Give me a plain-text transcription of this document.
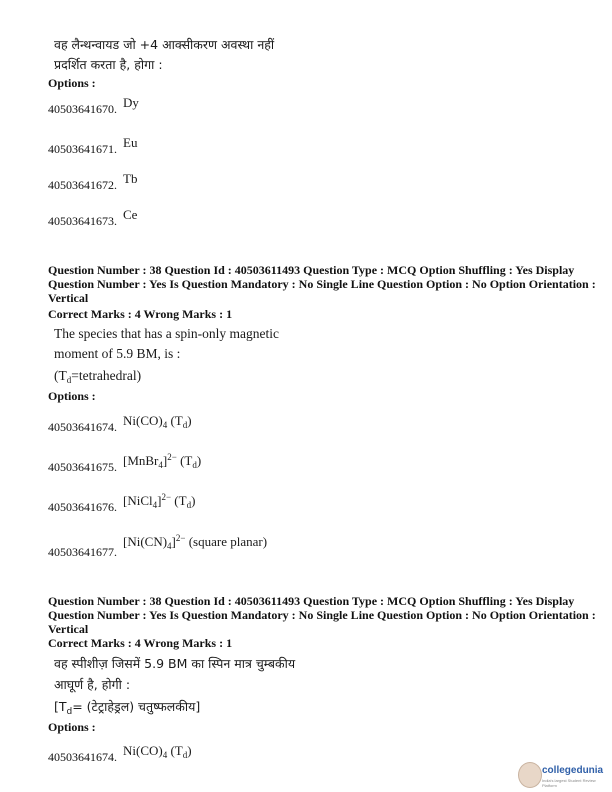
वह लैन्थन्वायड जो +4 आक्सीकरण अवस्था नहीं
प्रदर्शित करता है, होगा :
Options :
40503641670. $^{Dy}$
40503641671. $^{Eu}$
40503641672. $^{Tb}$
40503641673. $^{Ce}$
Question Number : 38 Question Id : 40503611493 Question Type : MCQ Option Shuffling : Yes Display Question Number : Yes Is Question Mandatory : No Single Line Question Option : No Option Orientation : Vertical
Correct Marks : 4 Wrong Marks : 1
The species that has a spin-only magnetic
moment of 5.9 BM, is :
$(T_d=tetrahedral)$
Options :
40503641674. $^{Ni(CO)_4 (T_d)}$
40503641675. $^{[MnBr_4]^{2-} (T_d)}$
40503641676. $^{[NiCl_4]^{2-} (T_d)}$
40503641677. $^{[Ni(CN)_4]^{2-} (square planar)}$
Question Number : 38 Question Id : 40503611493 Question Type : MCQ Option Shuffling : Yes Display Question Number : Yes Is Question Mandatory : No Single Line Question Option : No Option Orientation : Vertical
Correct Marks : 4 Wrong Marks : 1
वह स्पीशीज़ जिसमें 5.9 BM का स्पिन मात्र चुम्बकीय
आघूर्ण है, होगी :
[$T_d=$ (टेट्राहेड्रल) चतुष्फलकीय]
Options :
40503641674. $^{Ni(CO)_4 (T_d)}$
collegedunia
India's largest Student Review Platform
